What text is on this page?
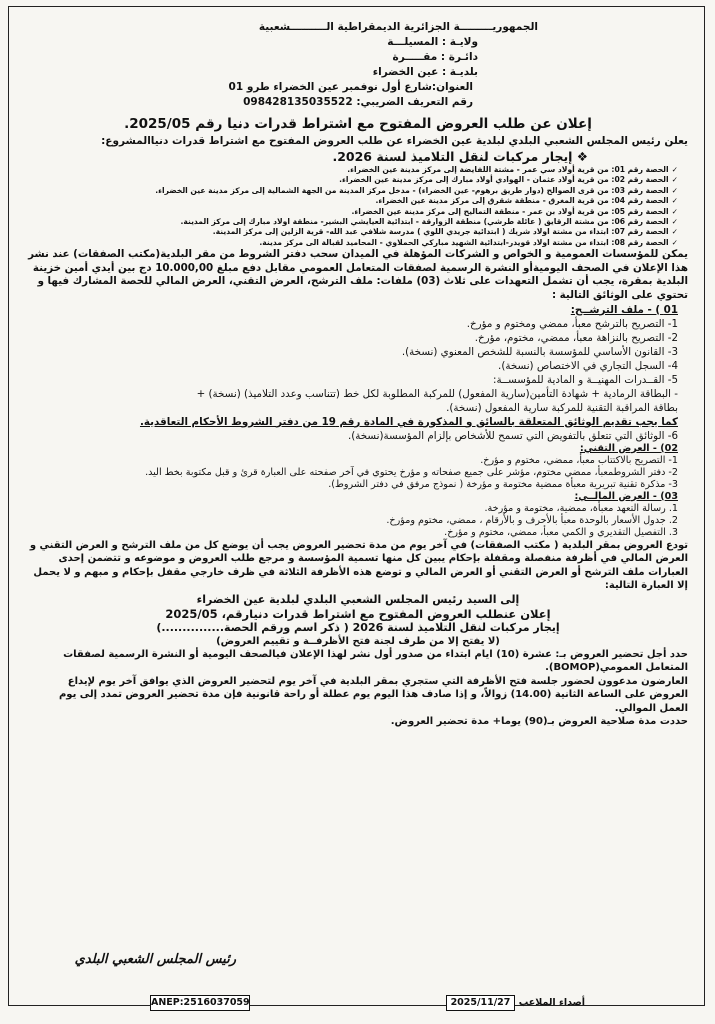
الجمهوريـــــــــة الجزائرية الديمقراطية الــــــــــشعبية

ولايـة : المسيلـــة

دائـرة : مقـــــرة

بلديـة : عين الخضراء

العنوان:شارع أول نوفمبر عين الخضراء طرو 01

رقم التعريف الضريبي: 098428135035522

إعلان عن طلب العروض المفتوح مع اشتراط قدرات دنيا رقم 2025/05.

يعلن رئيس المجلس الشعبي البلدي لبلدية عين الخضراء عن طلب العروض المفتوح مع اشتراط قدرات دنياالمشروع:

❖ إيجار مركبات لنقل التلاميذ لسنة 2026.

✓الحصة رقم 01: من قرية أولاد سي عمر - مشتة اللفايضة إلى مركز مدينة عين الخضراء.

✓الحصة رقم 02: من قرية أولاد عثمان - الهوادي أولاد مبارك إلى مركز مدينة عين الخضراء.

✓الحصة رقم 03: من قرى الصوالح (دوار طريق برهوم- عين الخضراء) - مدخل مركز المدينة من الجهة الشمالية إلى مركز مدينة عين الخضراء.

✓الحصة رقم 04: من قرية المغرق - منطقة شقرق إلى مركز مدينة عين الخضراء.

✓الحصة رقم 05: من قرية أولاد بن عمر - منطقة التماليح إلى مركز مدينة عين الخضراء.

✓الحصة رقم 06: من مشتة الرقايق ( عائلة طرشي) منطقة الزوارقة - ابتدائية العيايشي البشير- منطقة اولاد مبارك إلى مركز المدينة.

✓الحصة رقم 07: ابتداء من مشتة اولاد شريك ( ابتدائية جريدي اللوي ) مدرسة شلافي عبد الله- قرية الزلين إلى مركز المدينة.

✓الحصة رقم 08: ابتداء من مشتة اولاد قويدر-ابتدائية الشهيد مباركي الحملاوي - المحاميد لقبالة الى مركز مدينة.

يمكن للمؤسسات العمومية و الخواص و الشركات المؤهلة في الميدان سحب دفتر الشروط من مقر البلدية(مكتب الصفقات) عند نشر هذا الإعلان في الصحف اليوميةأو النشرة الرسمية لصفقات المتعامل العمومي مقابل دفع مبلغ 10.000,00 دج بين أيدي أمين خزينة البلدية بمقرة، يجب أن تشمل التعهدات على ثلاث (03) ملفات: ملف الترشح، العرض التقني، العرض المالي للحصة المشارك فيها و تحتوي على الوثائق التالية :

01 ) - ملف الترشــح:

1- التصريح بالترشح معبأ، ممضي ومختوم و مؤرخ.

2- التصريح بالنزاهة معبأ، ممضي، مختوم، مؤرخ.

3- القانون الأساسي للمؤسسة بالنسبة للشخص المعنوي (نسخة).

4- السجل التجاري في الاختصاص (نسخة).

5- القــدرات المهنيــة و المادية للمؤسســة:

- البطاقة الرمادية + شهادة التأمين(سارية المفعول) للمركبة المطلوبة لكل خط (تتناسب وعدد التلاميذ) (نسخة) +

بطاقة المراقبة التقنية للمركبة سارية المفعول (نسخة).

كما يجب تقديم الوثائق المتعلقة بالسائق و المذكورة في المادة رقم 19 من دفتر الشروط الأحكام التعاقدية.

6- الوثائق التي تتعلق بالتفويض التي تسمح للأشخاص بإلزام المؤسسة(نسخة).

02) - العرض التقني:

1- التصريح بالاكتتاب معبأ، ممضي، مختوم و مؤرخ.

2- دفتر الشروطمعبأ، ممضي مختوم، مؤشر على جميع صفحاته و مؤرخ يحتوي في آخر صفحته على العبارة قرئ و قبل مكتوبة بخط اليد.

3- مذكرة تقنية تبريرية معبأة ممضية مختومة و مؤرخة ( نموذج مرفق في دفتر الشروط).

03) - العرض المالــي:

1. رسالة التعهد معبأة، ممضية، مختومة و مؤرخة.

2. جدول الأسعار بالوحدة معبأ بالأحرف و بالأرقام ، ممضي، مختوم ومؤرخ.

3. التفصيل التقديري و الكمي معبأ، ممضي، مختوم و مؤرخ.

تودع العروض بمقر البلدية ( مكتب الصفقات) في آخر يوم من مدة تحضير العروض يجب أن يوضع كل من ملف الترشح و العرض التقني و العرض المالي في أظرفة منفصلة ومقفلة بإحكام يبين كل منها تسمية المؤسسة و مرجع طلب العروض و موضوعه و تتضمن إحدى العبارات ملف الترشح أو العرض التقني أو العرض المالي و توضع هذه الأظرفة الثلاثة في ظرف خارجي مقفل بإحكام و مبهم و لا يحمل إلا العبارة التالية:

إلى السيد رئيس المجلس الشعبي البلدي لبلدية عين الخضراء

إعلان عنطلب العروض المفتوح مع اشتراط قدرات دنيارقم، 2025/05

إيجار مركبات لنقل التلاميذ لسنة 2026 ( ذكر اسم ورقم الحصة...............)

(لا يفتح إلا من طرف لجنة فتح الأظرفــة و تقييم العروض)

حدد أجل تحضير العروض بـ: عشرة (10) ايام ابتداء من صدور أول نشر لهذا الإعلان فيالصحف اليومية أو النشرة الرسمية لصفقات المتعامل العمومي(BOMOP).

العارضون مدعوون لحضور جلسة فتح الأظرفة التي ستجري بمقر البلدية في آخر يوم لتحضير العروض الذي يوافق آخر يوم لإيداع العروض على الساعة الثانية (14.00) زوالاً، و إذا صادف هذا اليوم يوم عطلة أو راحة قانونية فإن مدة تحضير العروض تمدد إلى يوم العمل الموالي.

حددت مدة صلاحية العروض بـ(90) يوما+ مدة تحضير العروض.

رئيس المجلس الشعبي البلدي
ANEP:2516037059	أصداء الملاعب 2025/11/27
